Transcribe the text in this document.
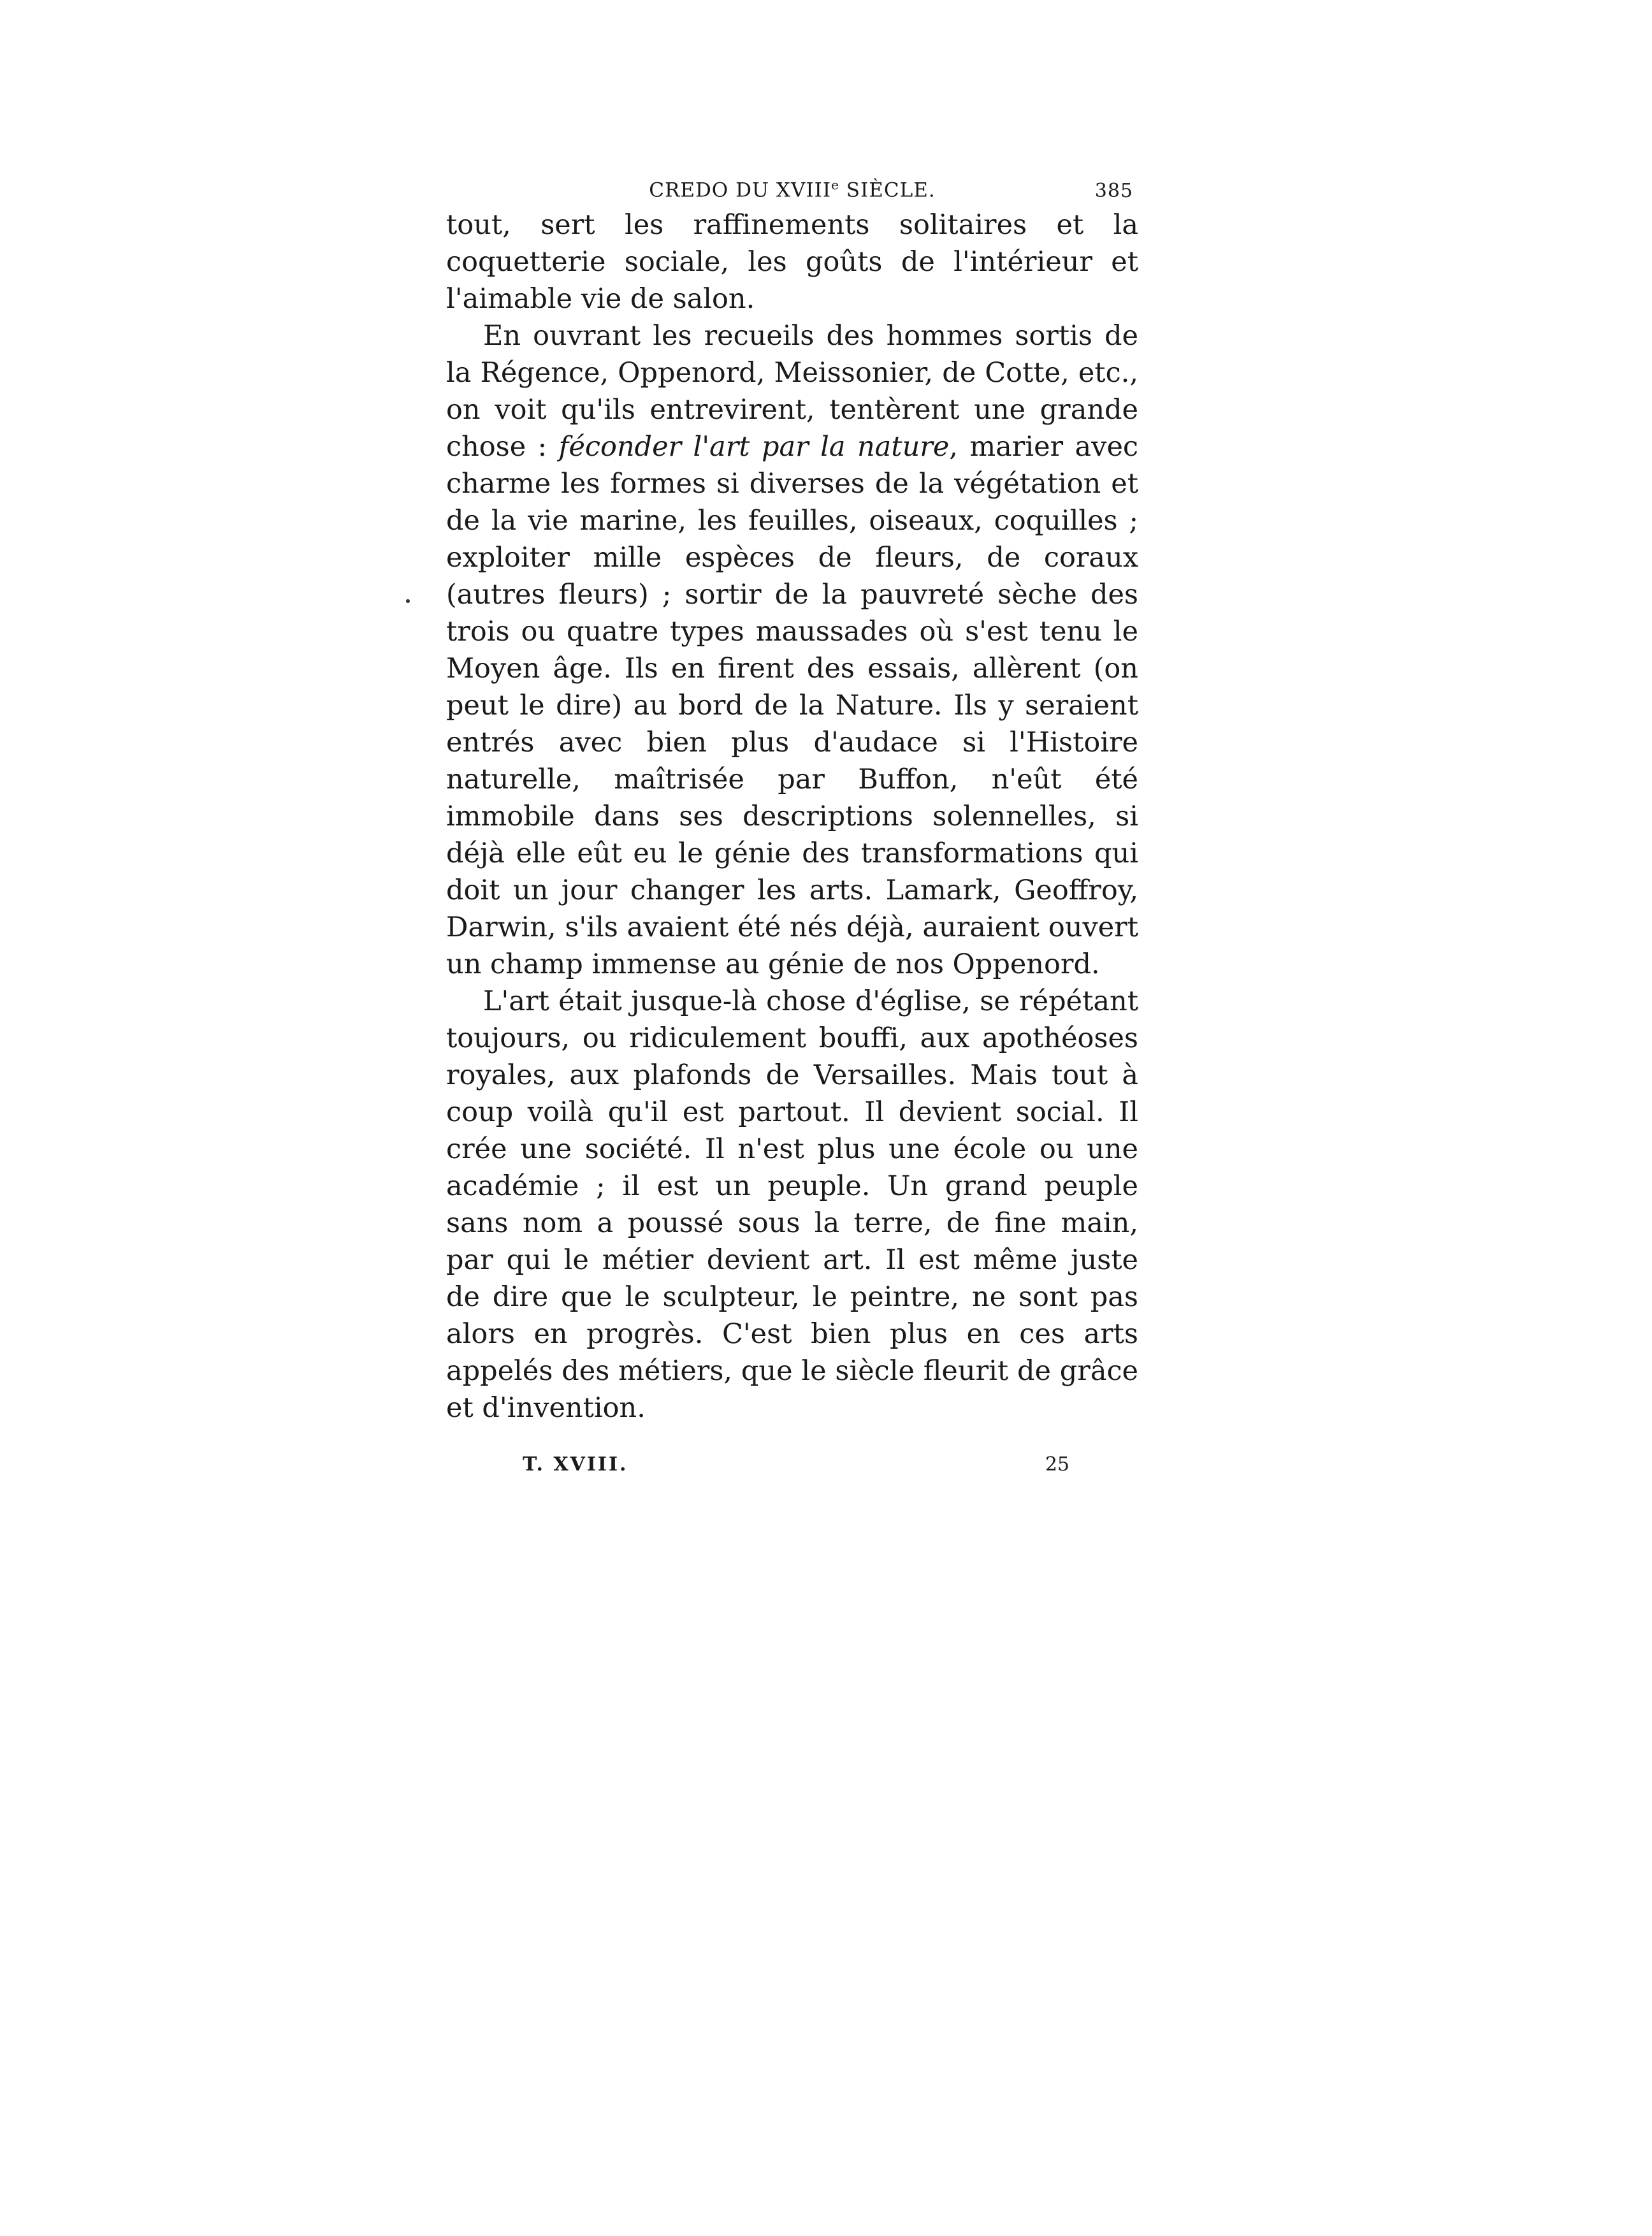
CREDO DU XVIIIe SIÈCLE.	385

tout, sert les raffinements solitaires et la coquetterie sociale, les goûts de l'intérieur et l'aimable vie de salon.

En ouvrant les recueils des hommes sortis de la Régence, Oppenord, Meissonier, de Cotte, etc., on voit qu'ils entrevirent, tentèrent une grande chose : féconder l'art par la nature, marier avec charme les formes si diverses de la végétation et de la vie marine, les feuilles, oiseaux, coquilles ; exploiter mille espèces de fleurs, de coraux (autres fleurs) ; sortir de la pauvreté sèche des trois ou quatre types maussades où s'est tenu le Moyen âge. Ils en firent des essais, allèrent (on peut le dire) au bord de la Nature. Ils y seraient entrés avec bien plus d'audace si l'Histoire naturelle, maîtrisée par Buffon, n'eût été immobile dans ses descriptions solennelles, si déjà elle eût eu le génie des transformations qui doit un jour changer les arts. Lamark, Geoffroy, Darwin, s'ils avaient été nés déjà, auraient ouvert un champ immense au génie de nos Oppenord.

L'art était jusque-là chose d'église, se répétant toujours, ou ridiculement bouffi, aux apothéoses royales, aux plafonds de Versailles. Mais tout à coup voilà qu'il est partout. Il devient social. Il crée une société. Il n'est plus une école ou une académie ; il est un peuple. Un grand peuple sans nom a poussé sous la terre, de fine main, par qui le métier devient art. Il est même juste de dire que le sculpteur, le peintre, ne sont pas alors en progrès. C'est bien plus en ces arts appelés des métiers, que le siècle fleurit de grâce et d'invention.

T. XVIII.	25
